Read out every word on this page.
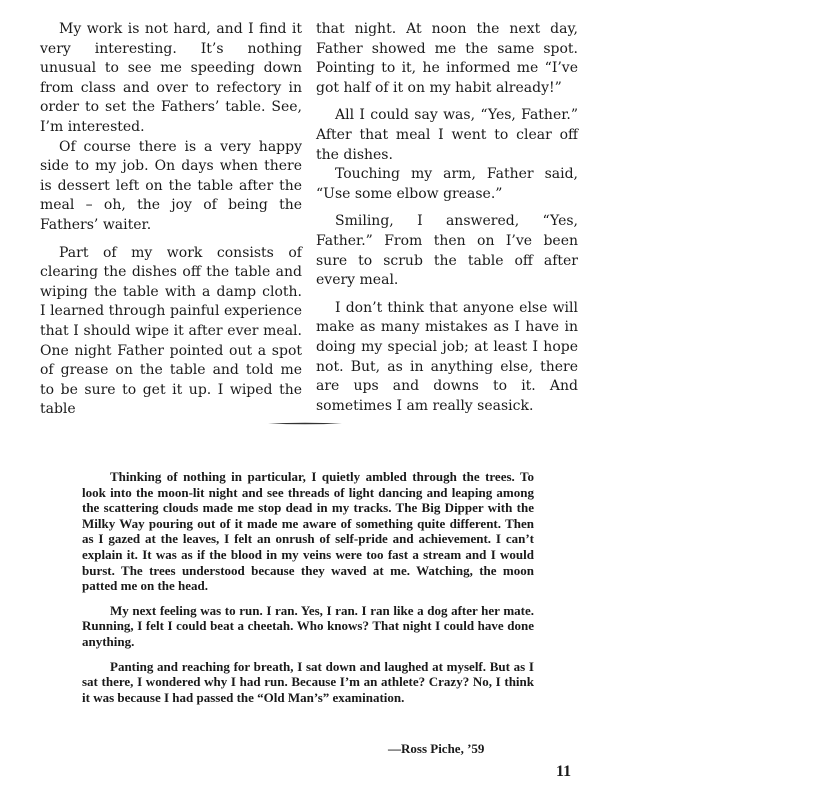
My work is not hard, and I find it very interesting. It’s nothing unusual to see me speeding down from class and over to refectory in order to set the Fathers’ table. See, I’m interested.

Of course there is a very happy side to my job. On days when there is dessert left on the table after the meal – oh, the joy of being the Fathers’ waiter.

Part of my work consists of clearing the dishes off the table and wiping the table with a damp cloth. I learned through painful experience that I should wipe it after ever meal. One night Father pointed out a spot of grease on the table and told me to be sure to get it up. I wiped the table

that night. At noon the next day, Father showed me the same spot. Pointing to it, he informed me “I’ve got half of it on my habit already!”

All I could say was, “Yes, Father.” After that meal I went to clear off the dishes.

Touching my arm, Father said, “Use some elbow grease.”

Smiling, I answered, “Yes, Father.” From then on I’ve been sure to scrub the table off after every meal.

I don’t think that anyone else will make as many mistakes as I have in doing my special job; at least I hope not. But, as in anything else, there are ups and downs to it. And sometimes I am really seasick.

Thinking of nothing in particular, I quietly ambled through the trees. To look into the moon-lit night and see threads of light dancing and leaping among the scattering clouds made me stop dead in my tracks. The Big Dipper with the Milky Way pouring out of it made me aware of something quite different. Then as I gazed at the leaves, I felt an onrush of self-pride and achievement. I can’t explain it. It was as if the blood in my veins were too fast a stream and I would burst. The trees understood because they waved at me. Watching, the moon patted me on the head.

My next feeling was to run. I ran. Yes, I ran. I ran like a dog after her mate. Running, I felt I could beat a cheetah. Who knows? That night I could have done anything.

Panting and reaching for breath, I sat down and laughed at myself. But as I sat there, I wondered why I had run. Because I’m an athlete? Crazy? No, I think it was because I had passed the “Old Man’s” examination.

—Ross Piche, ’59
11
